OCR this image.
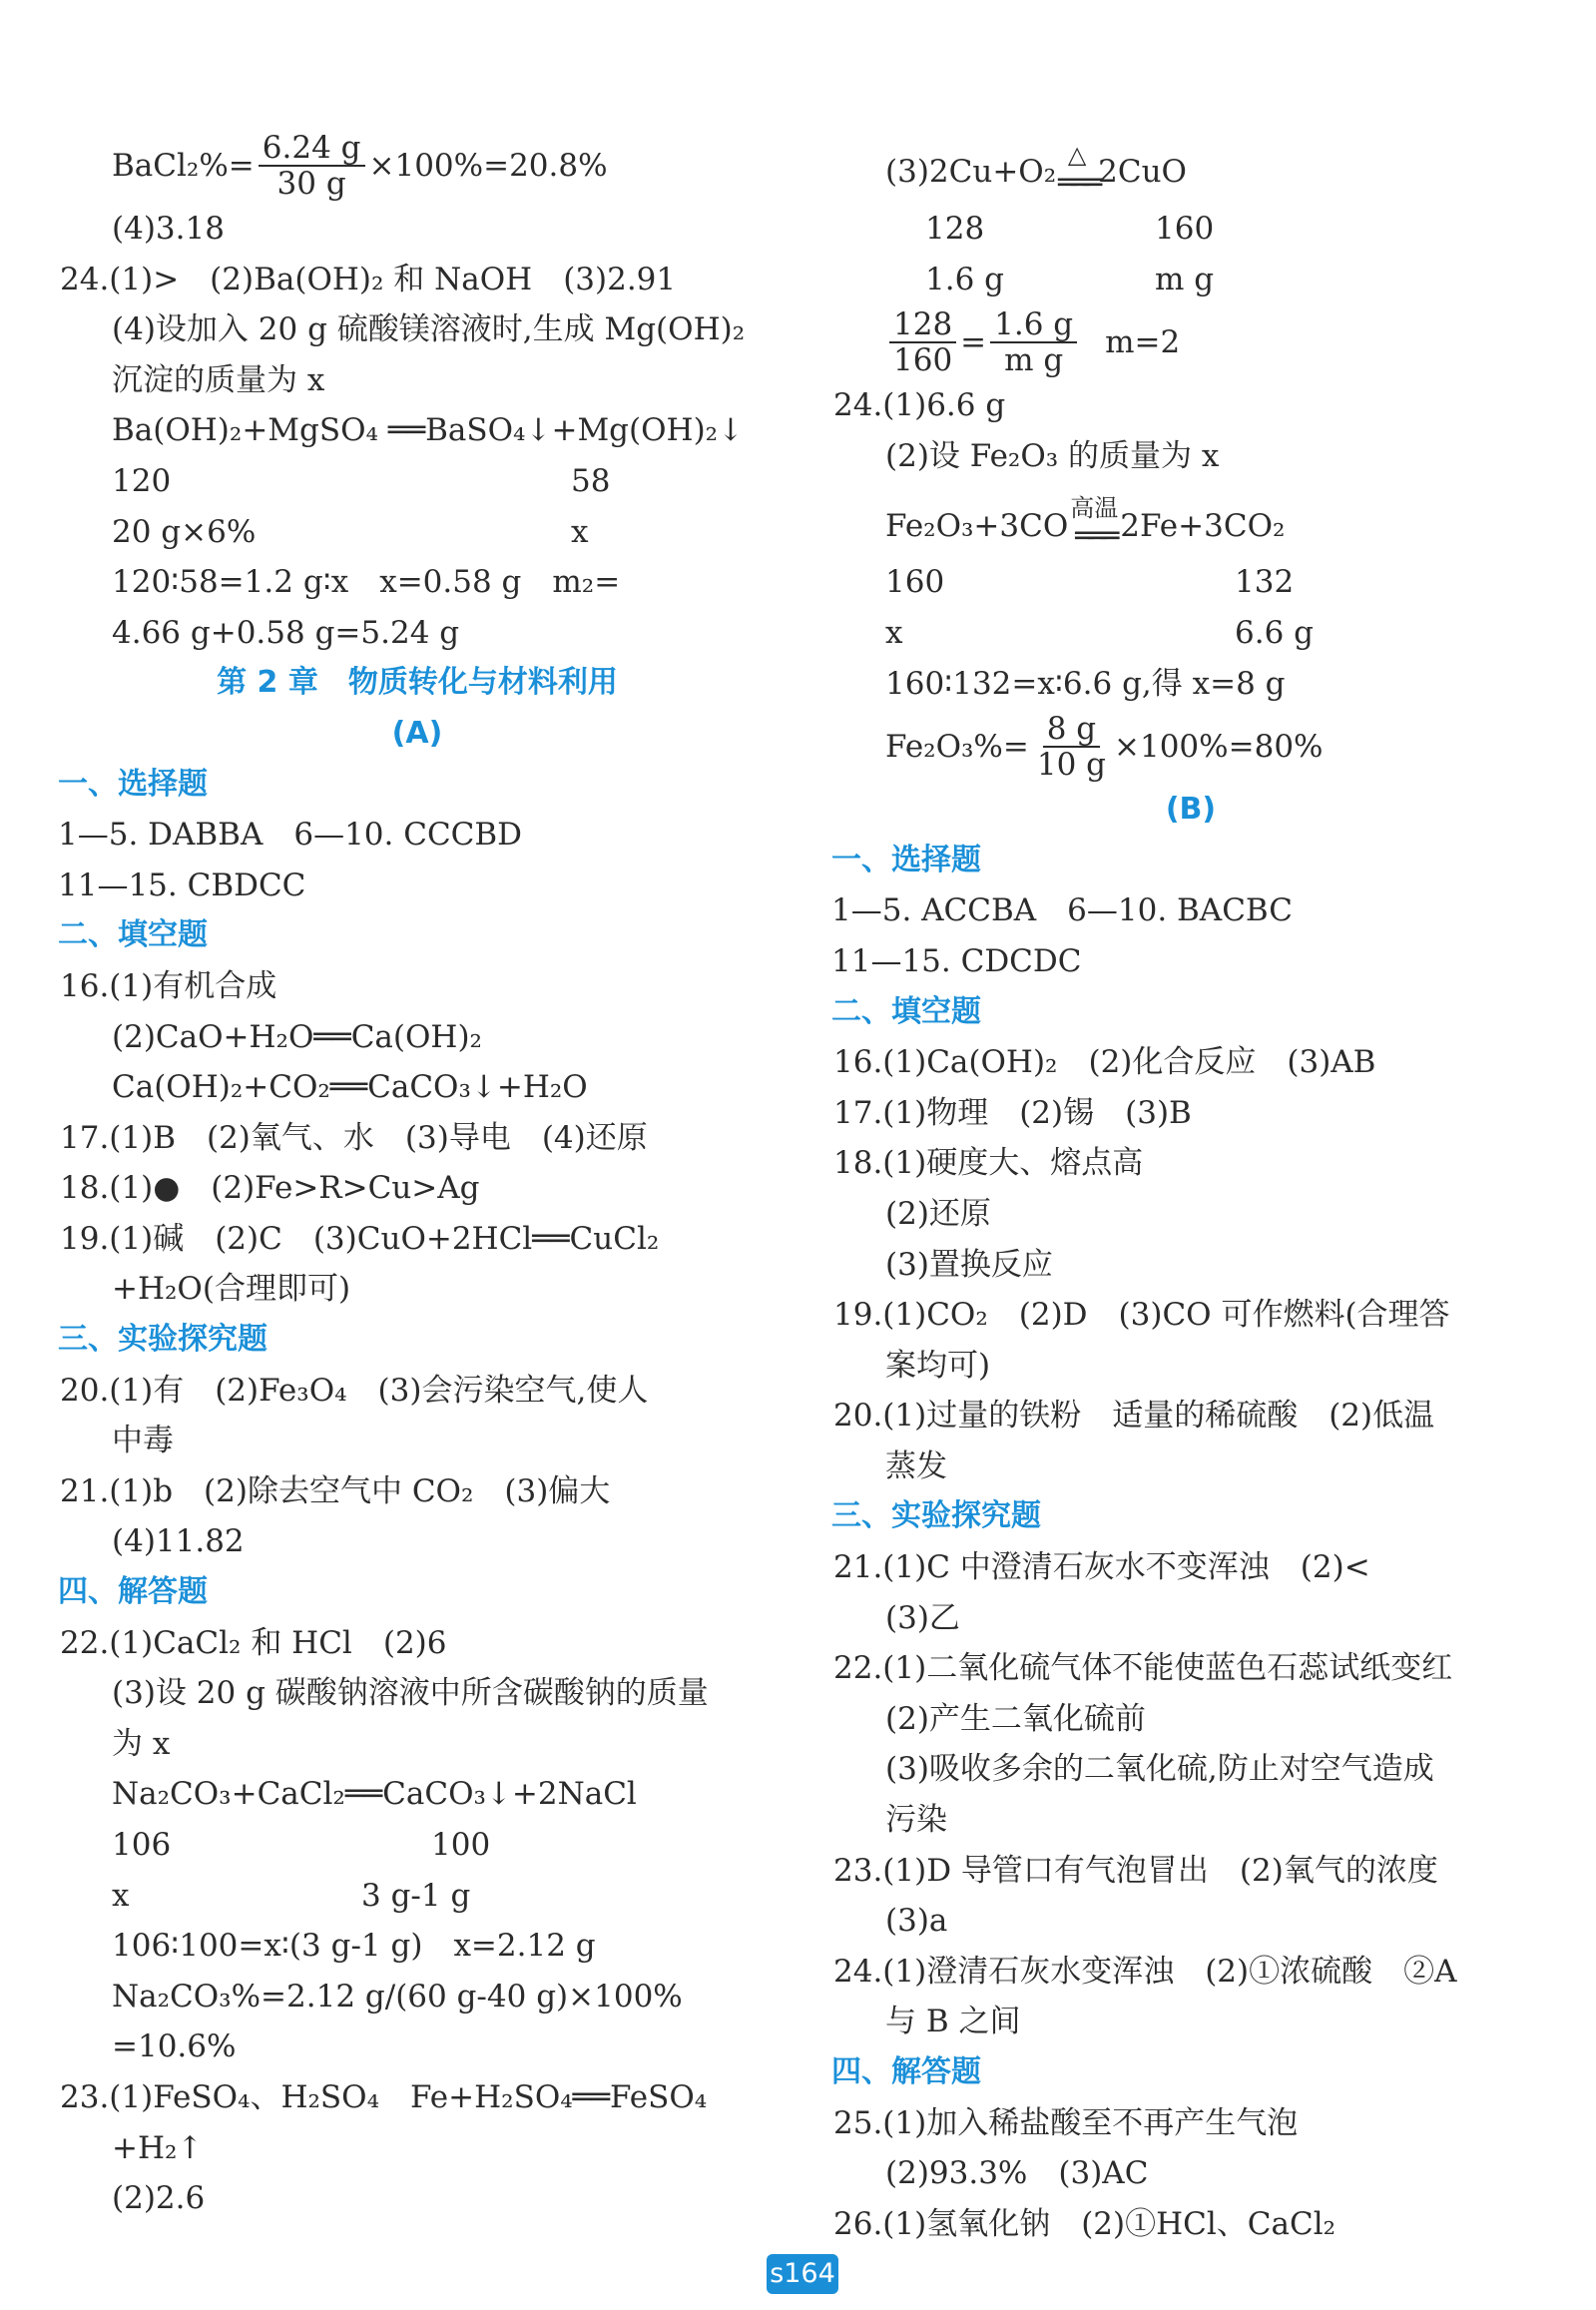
BaCl₂%= $\frac{6.24 g}{30 g} \times 100\%=20.8\%$
(4)3.18
24.(1)>　(2)Ba(OH)₂ 和 NaOH　(3)2.91
(4)设加入 20 g 硫酸镁溶液时,生成 Mg(OH)₂
沉淀的质量为 x
Ba(OH)₂+MgSO₄ ══BaSO₄↓+Mg(OH)₂↓
120	58
20 g×6%	x
120∶58=1.2 g∶x　x=0.58 g　m₂=
4.66 g+0.58 g=5.24 g
第 2 章　物质转化与材料利用
(A)
一、选择题
1—5. DABBA　6—10. CCCBD
11—15. CBDCC
二、填空题
16.(1)有机合成
(2)CaO+H₂O══Ca(OH)₂
Ca(OH)₂+CO₂══CaCO₃↓+H₂O
17.(1)B　(2)氧气、水　(3)导电　(4)还原
18.(1)●　(2)Fe>R>Cu>Ag
19.(1)碱　(2)C　(3)CuO+2HCl══CuCl₂
+H₂O(合理即可)
三、实验探究题
20.(1)有　(2)Fe₃O₄　(3)会污染空气,使人
中毒
21.(1)b　(2)除去空气中 CO₂　(3)偏大
(4)11.82
四、解答题
22.(1)CaCl₂ 和 HCl　(2)6
(3)设 20 g 碳酸钠溶液中所含碳酸钠的质量
为 x
Na₂CO₃+CaCl₂══CaCO₃↓+2NaCl
106	100
x	3 g-1 g
106∶100=x∶(3 g-1 g)　x=2.12 g
Na₂CO₃%=2.12 g/(60 g-40 g)×100%
=10.6%
23.(1)FeSO₄、H₂SO₄　Fe+H₂SO₄══FeSO₄
+H₂↑
(2)2.6
(3)2Cu+O₂ △
═══ 2CuO
128	160
1.6 g	m g
$\frac{128}{160} = \frac{1.6 g}{\text{m g}} m=2$
24.(1)6.6 g
(2)设 Fe₂O₃ 的质量为 x
Fe₂O₃+3CO 高温
═══ 2Fe+3CO₂
160	132
x	6.6 g
160∶132=x∶6.6 g,得 x=8 g
$Fe_2O_3\%= \frac{8 g}{10 g} \times 100\%=80\%$
(B)
一、选择题
1—5. ACCBA　6—10. BACBC
11—15. CDCDC
二、填空题
16.(1)Ca(OH)₂　(2)化合反应　(3)AB
17.(1)物理　(2)锡　(3)B
18.(1)硬度大、熔点高
(2)还原
(3)置换反应
19.(1)CO₂　(2)D　(3)CO 可作燃料(合理答
案均可)
20.(1)过量的铁粉　适量的稀硫酸　(2)低温
蒸发
三、实验探究题
21.(1)C 中澄清石灰水不变浑浊　(2)<
(3)乙
22.(1)二氧化硫气体不能使蓝色石蕊试纸变红
(2)产生二氧化硫前
(3)吸收多余的二氧化硫,防止对空气造成
污染
23.(1)D 导管口有气泡冒出　(2)氧气的浓度
(3)a
24.(1)澄清石灰水变浑浊　(2)①浓硫酸　②A
与 B 之间
四、解答题
25.(1)加入稀盐酸至不再产生气泡
(2)93.3%　(3)AC
26.(1)氢氧化钠　(2)①HCl、CaCl₂
s164
